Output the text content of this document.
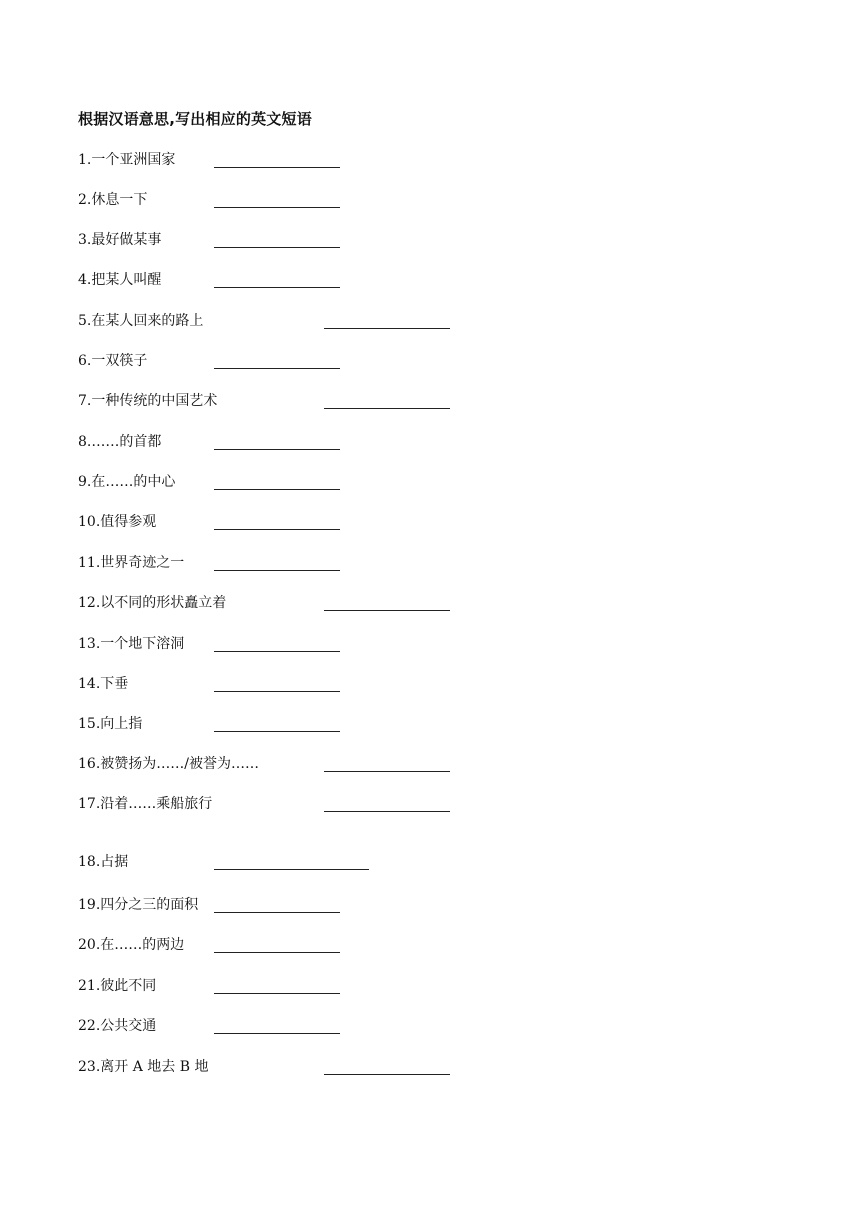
根据汉语意思,写出相应的英文短语
1.一个亚洲国家
2.休息一下
3.最好做某事
4.把某人叫醒
5.在某人回来的路上
6.一双筷子
7.一种传统的中国艺术
8.……的首都
9.在……的中心
10.值得参观
11.世界奇迹之一
12.以不同的形状矗立着
13.一个地下溶洞
14.下垂
15.向上指
16.被赞扬为……/被誉为……
17.沿着……乘船旅行
18.占据
19.四分之三的面积
20.在……的两边
21.彼此不同
22.公共交通
23.离开 A 地去 B 地
